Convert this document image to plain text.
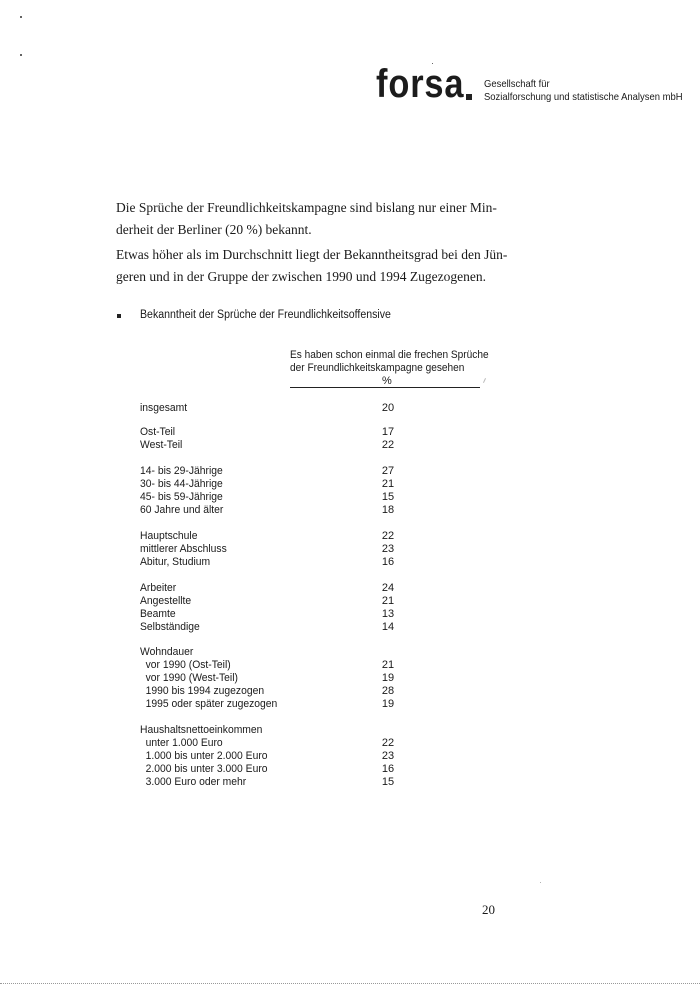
forsa Gesellschaft für
Sozialforschung und statistische Analysen mbH
Die Sprüche der Freundlichkeitskampagne sind bislang nur einer Min-
derheit der Berliner (20 %) bekannt.
Etwas höher als im Durchschnitt liegt der Bekanntheitsgrad bei den Jün-
geren und in der Gruppe der zwischen 1990 und 1994 Zugezogenen.
Bekanntheit der Sprüche der Freundlichkeitsoffensive
Es haben schon einmal die frechen Sprüche
der Freundlichkeitskampagne gesehen
%
insgesamt	20
Ost-Teil	17
West-Teil	22
14- bis 29-Jährige	27
30- bis 44-Jährige	21
45- bis 59-Jährige	15
60 Jahre und älter	18
Hauptschule	22
mittlerer Abschluss	23
Abitur, Studium	16
Arbeiter	24
Angestellte	21
Beamte	13
Selbständige	14
Wohndauer
vor 1990 (Ost-Teil)	21
vor 1990 (West-Teil)	19
1990 bis 1994 zugezogen	28
1995 oder später zugezogen	19
Haushaltsnettoeinkommen
unter 1.000 Euro	22
1.000 bis unter 2.000 Euro	23
2.000 bis unter 3.000 Euro	16
3.000 Euro oder mehr	15
20
